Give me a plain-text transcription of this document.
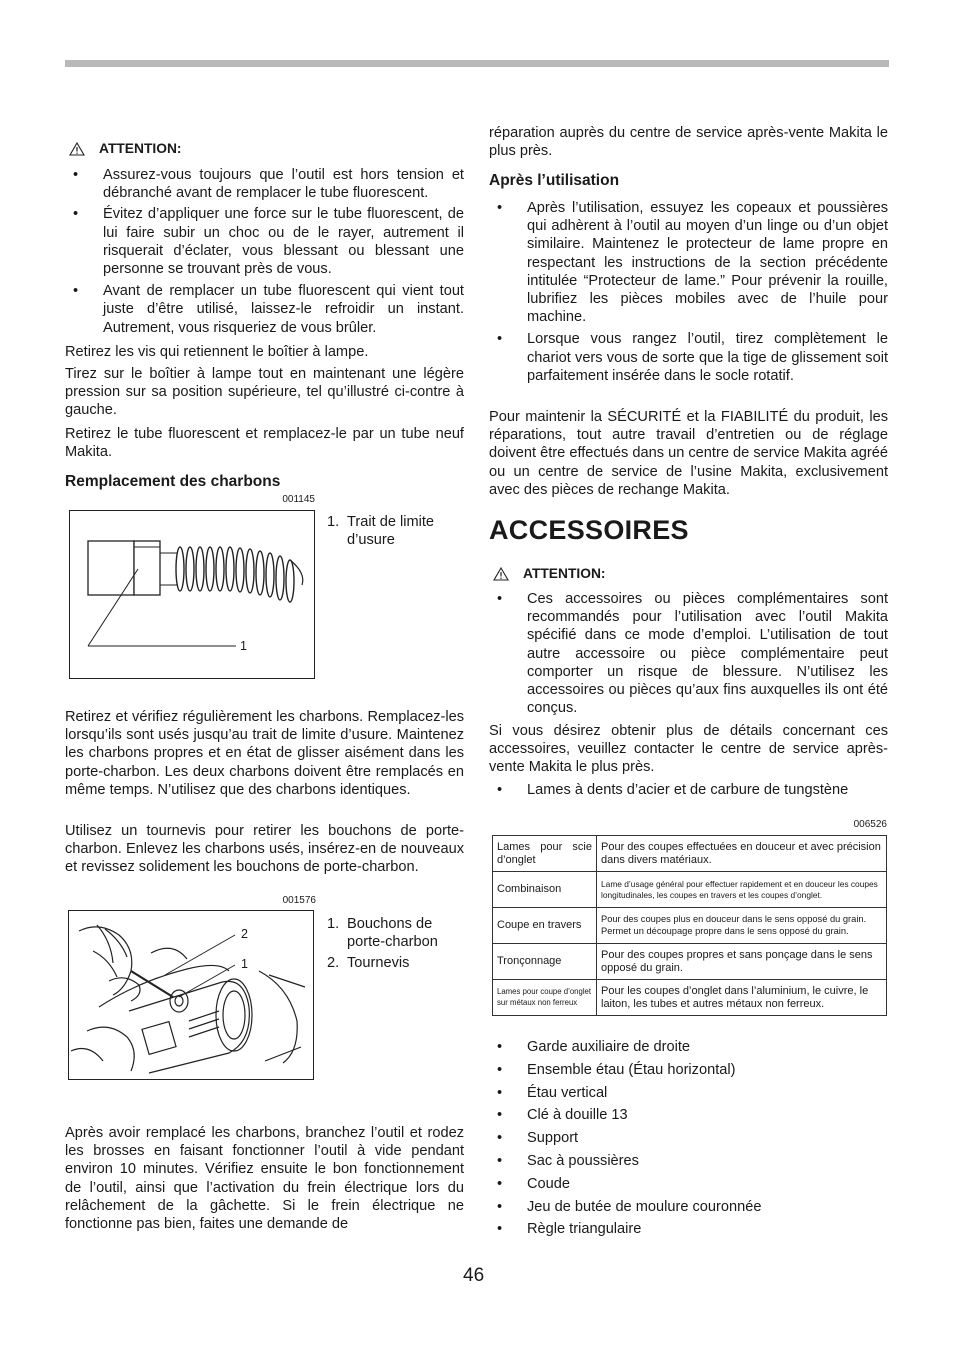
ATTENTION:
• Assurez-vous toujours que l’outil est hors tension et débranché avant de remplacer le tube fluorescent.
• Évitez d’appliquer une force sur le tube fluorescent, de lui faire subir un choc ou de le rayer, autrement il risquerait d’éclater, vous blessant ou blessant une personne se trouvant près de vous.
• Avant de remplacer un tube fluorescent qui vient tout juste d’être utilisé, laissez-le refroidir un instant. Autrement, vous risqueriez de vous brûler.

Retirez les vis qui retiennent le boîtier à lampe.

Tirez sur le boîtier à lampe tout en maintenant une légère pression sur sa position supérieure, tel qu’illustré ci-contre à gauche.

Retirez le tube fluorescent et remplacez-le par un tube neuf Makita.

Remplacement des charbons
001145
1
1. Trait de limite
d’usure

Retirez et vérifiez régulièrement les charbons. Remplacez-les lorsqu’ils sont usés jusqu’au trait de limite d’usure. Maintenez les charbons propres et en état de glisser aisément dans les porte-charbon. Les deux charbons doivent être remplacés en même temps. N’utilisez que des charbons identiques.

Utilisez un tournevis pour retirer les bouchons de porte-charbon. Enlevez les charbons usés, insérez-en de nouveaux et revissez solidement les bouchons de porte-charbon.

001576
2
1
1. Bouchons de
porte-charbon
2. Tournevis

Après avoir remplacé les charbons, branchez l’outil et rodez les brosses en faisant fonctionner l’outil à vide pendant environ 10 minutes. Vérifiez ensuite le bon fonctionnement de l’outil, ainsi que l’activation du frein électrique lors du relâchement de la gâchette. Si le frein électrique ne fonctionne pas bien, faites une demande de

réparation auprès du centre de service après-vente Makita le plus près.

Après l’utilisation
• Après l’utilisation, essuyez les copeaux et poussières qui adhèrent à l’outil au moyen d’un linge ou d’un objet similaire. Maintenez le protecteur de lame propre en respectant les instructions de la section précédente intitulée “Protecteur de lame.” Pour prévenir la rouille, lubrifiez les pièces mobiles avec de l’huile pour machine.
• Lorsque vous rangez l’outil, tirez complètement le chariot vers vous de sorte que la tige de glissement soit parfaitement insérée dans le socle rotatif.

Pour maintenir la SÉCURITÉ et la FIABILITÉ du produit, les réparations, tout autre travail d’entretien ou de réglage doivent être effectués dans un centre de service Makita agréé ou un centre de service de l’usine Makita, exclusivement avec des pièces de rechange Makita.

ACCESSOIRES
ATTENTION:
• Ces accessoires ou pièces complémentaires sont recommandés pour l’utilisation avec l’outil Makita spécifié dans ce mode d’emploi. L’utilisation de tout autre accessoire ou pièce complémentaire peut comporter un risque de blessure. N’utilisez les accessoires ou pièces qu’aux fins auxquelles ils ont été conçus.

Si vous désirez obtenir plus de détails concernant ces accessoires, veuillez contacter le centre de service après-vente Makita le plus près.

• Lames à dents d’acier et de carbure de tungstène
006526
Lames pour scie d’onglet	Pour des coupes effectuées en douceur et avec précision dans divers matériaux.
Combinaison	Lame d’usage général pour effectuer rapidement et en douceur les coupes longitudinales, les coupes en travers et les coupes d’onglet.
Coupe en travers	Pour des coupes plus en douceur dans le sens opposé du grain. Permet un découpage propre dans le sens opposé du grain.
Tronçonnage	Pour des coupes propres et sans ponçage dans le sens opposé du grain.
Lames pour coupe d’onglet sur métaux non ferreux	Pour les coupes d’onglet dans l’aluminium, le cuivre, le laiton, les tubes et autres métaux non ferreux.
• Garde auxiliaire de droite
• Ensemble étau (Étau horizontal)
• Étau vertical
• Clé à douille 13
• Support
• Sac à poussières
• Coude
• Jeu de butée de moulure couronnée
• Règle triangulaire
46
